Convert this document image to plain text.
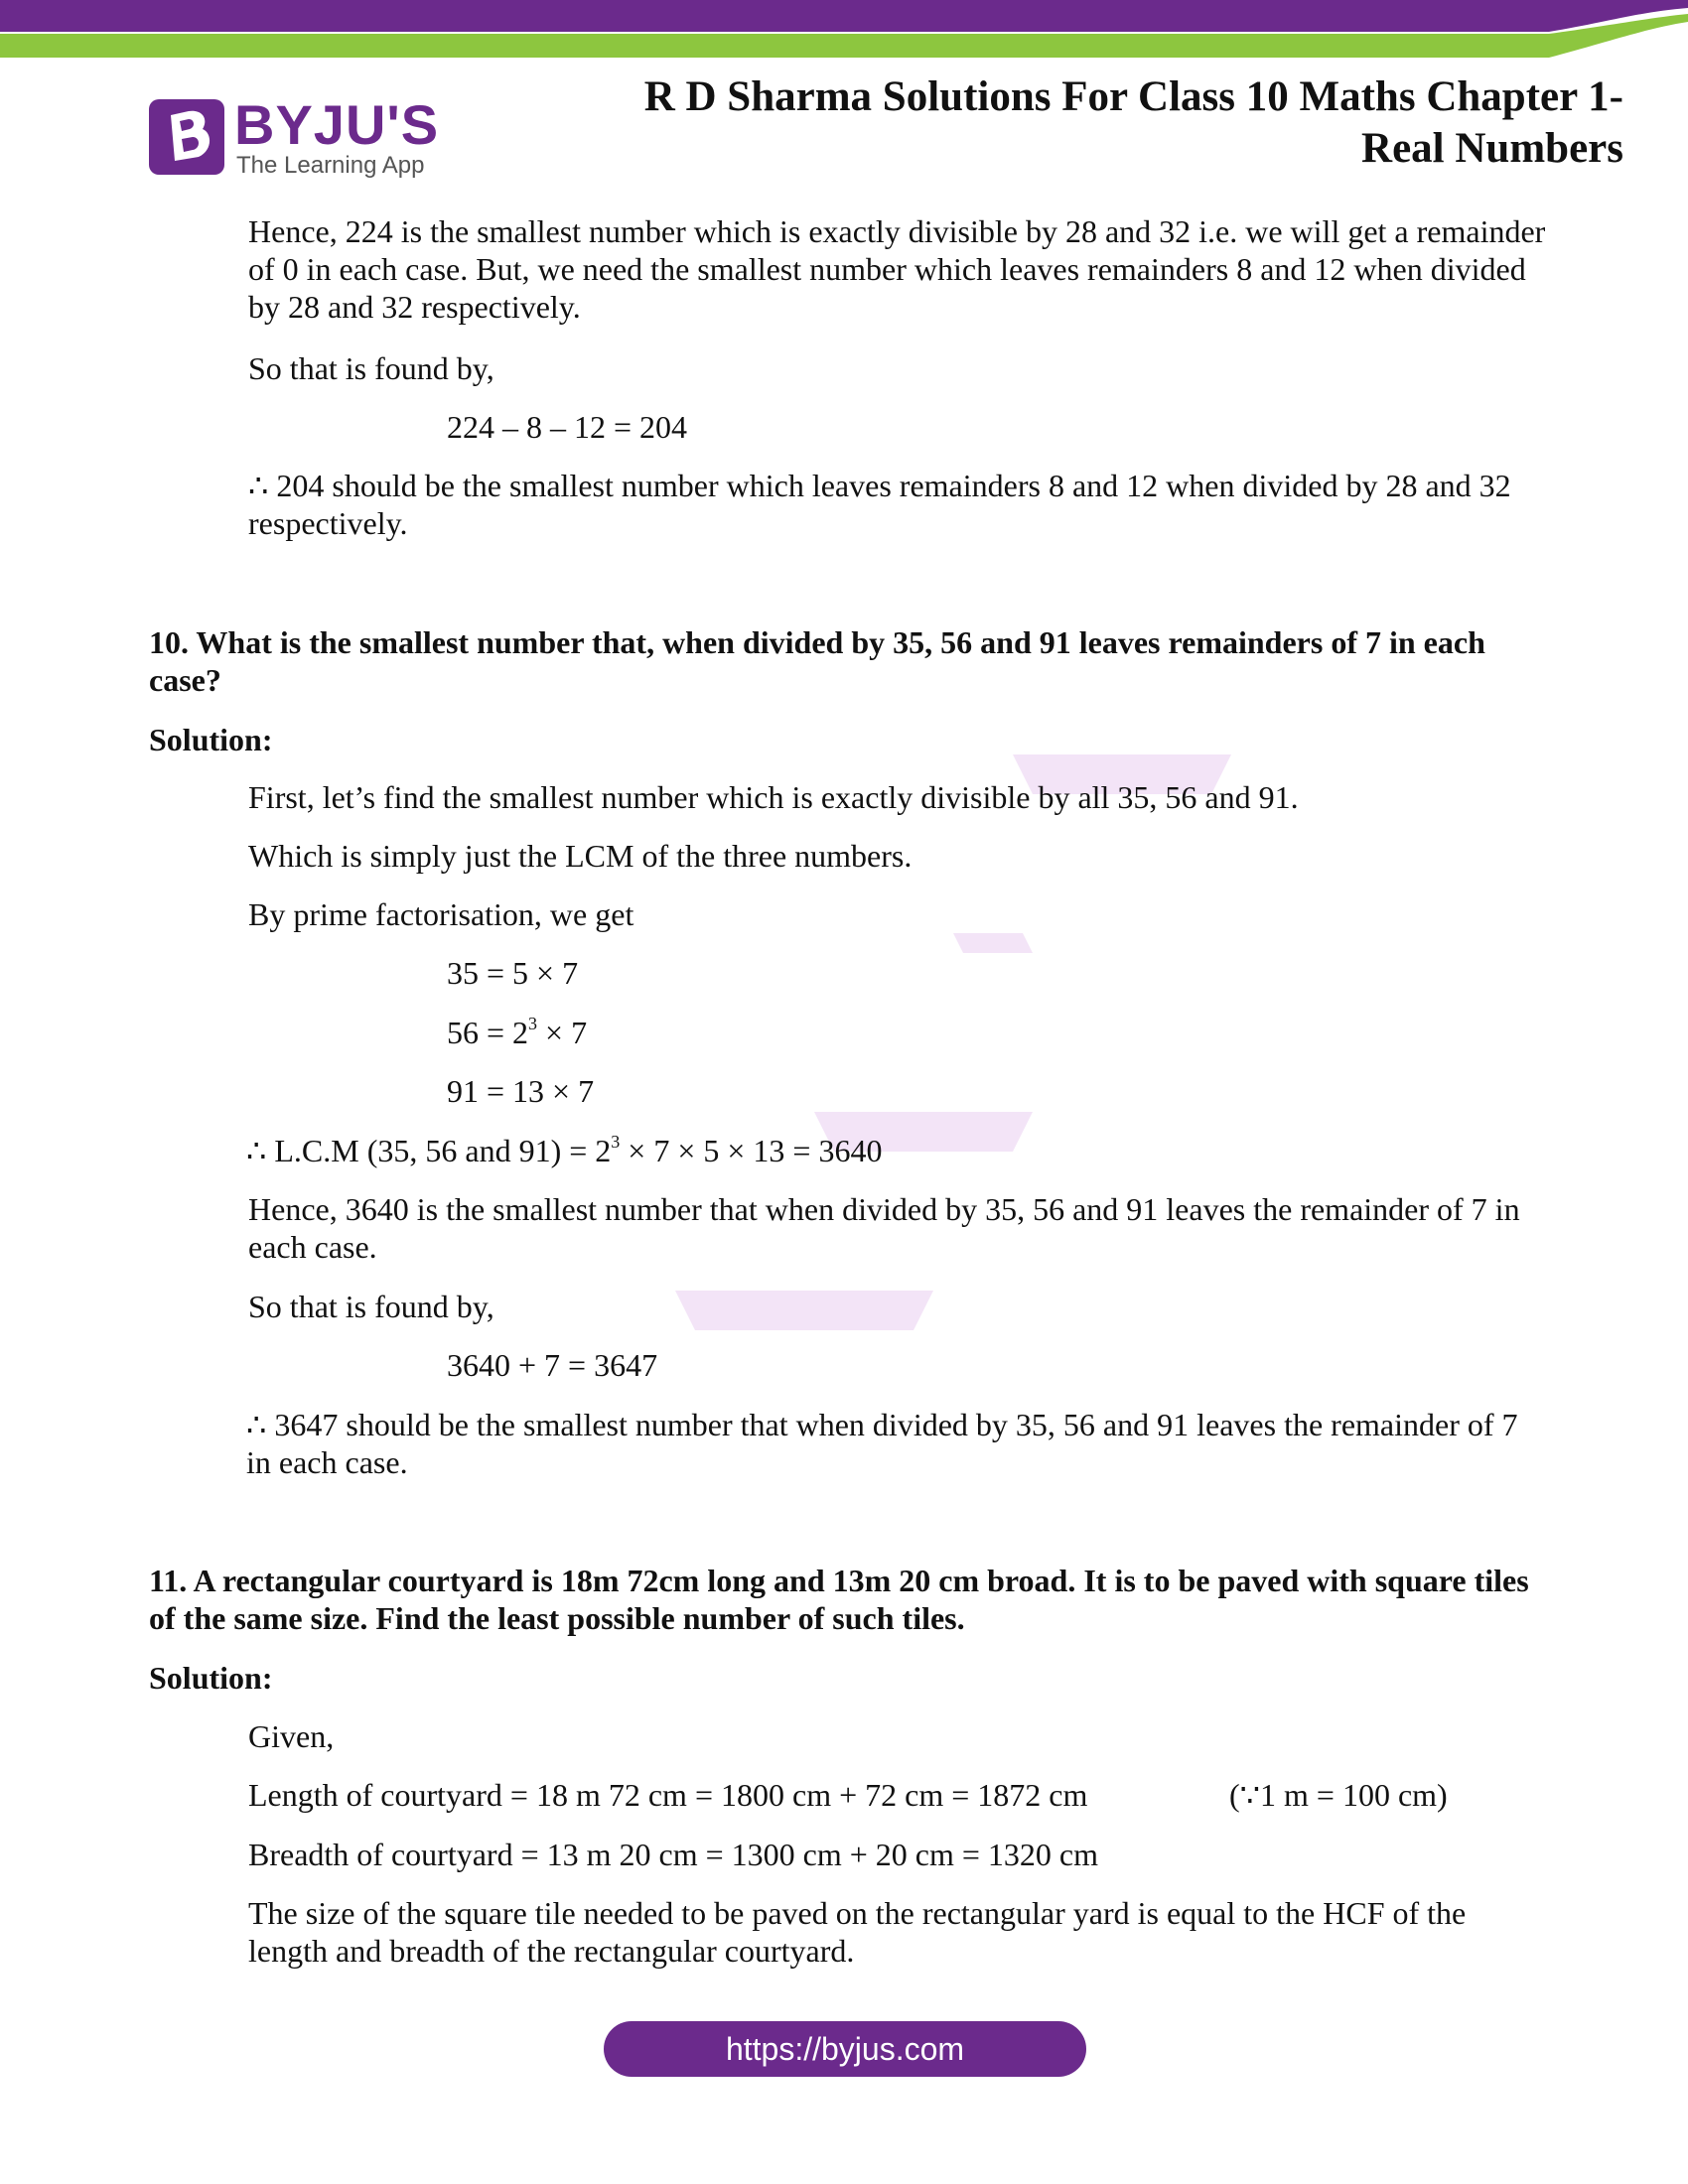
BYJU'S
The Learning App
R D Sharma Solutions For Class 10 Maths Chapter 1-
Real Numbers

Hence, 224 is the smallest number which is exactly divisible by 28 and 32 i.e. we will get a remainder of 0 in each case. But, we need the smallest number which leaves remainders 8 and 12 when divided by 28 and 32 respectively.

So that is found by,

224 – 8 – 12 = 204

∴ 204 should be the smallest number which leaves remainders 8 and 12 when divided by 28 and 32 respectively.

10. What is the smallest number that, when divided by 35, 56 and 91 leaves remainders of 7 in each case?

Solution:

First, let’s find the smallest number which is exactly divisible by all 35, 56 and 91.

Which is simply just the LCM of the three numbers.

By prime factorisation, we get

35 = 5 × 7

$56 = 2^3 \times 7$

91 = 13 × 7

∴ L.C.M (35, 56 and $91) = 2^3 \times 7 \times 5 \times 13 = 3640$

Hence, 3640 is the smallest number that when divided by 35, 56 and 91 leaves the remainder of 7 in each case.

So that is found by,

3640 + 7 = 3647

∴ 3647 should be the smallest number that when divided by 35, 56 and 91 leaves the remainder of 7 in each case.

11. A rectangular courtyard is 18m 72cm long and 13m 20 cm broad. It is to be paved with square tiles of the same size. Find the least possible number of such tiles.

Solution:

Given,

Length of courtyard = 18 m 72 cm = 1800 cm + 72 cm = 1872 cm	(∵1 m = 100 cm)

Breadth of courtyard = 13 m 20 cm = 1300 cm + 20 cm = 1320 cm

The size of the square tile needed to be paved on the rectangular yard is equal to the HCF of the length and breadth of the rectangular courtyard.

https://byjus.com
